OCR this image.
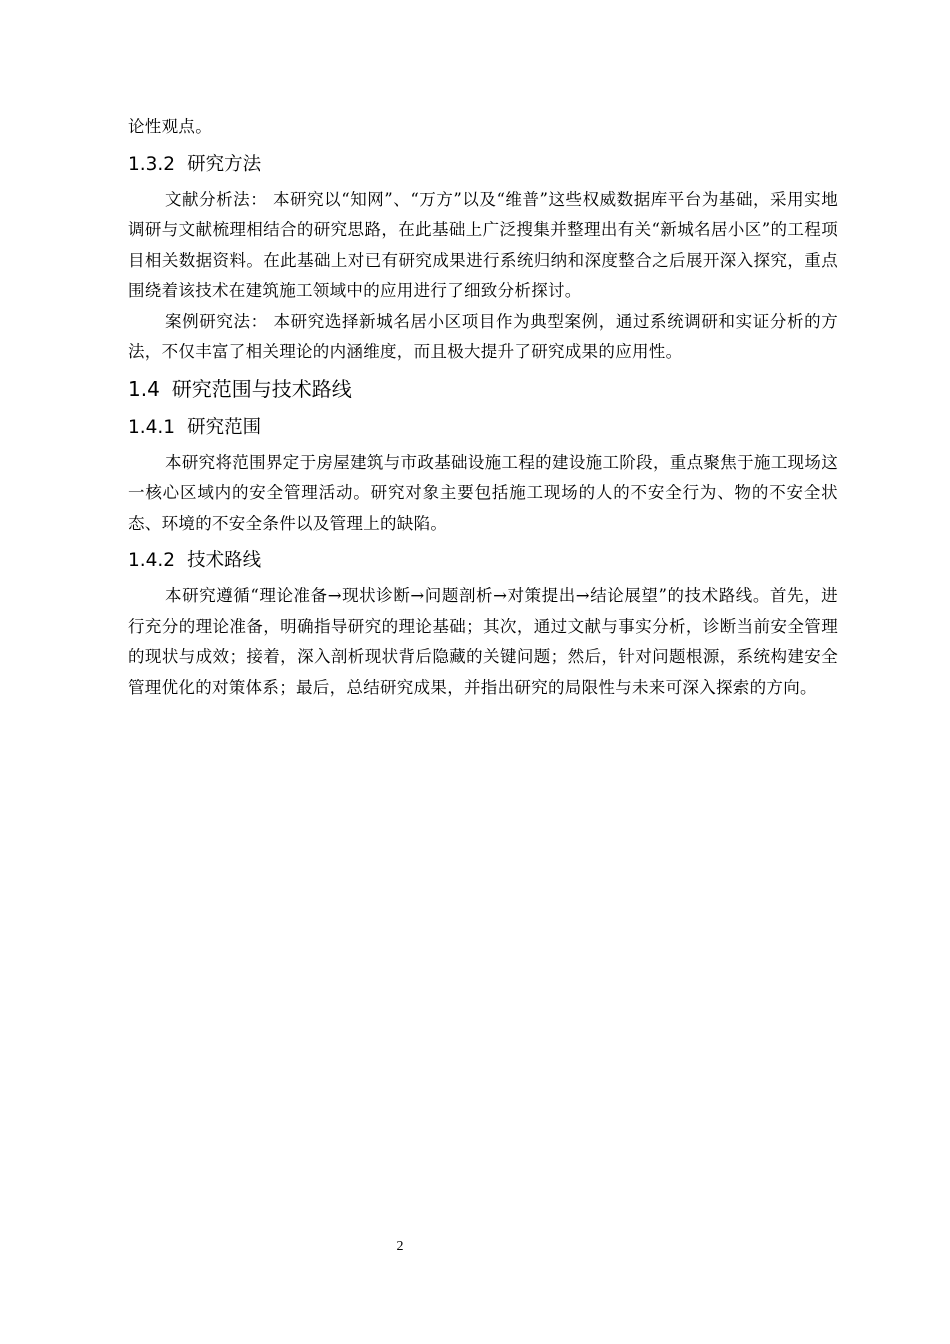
论性观点。

1.3.2 研究方法

文献分析法： 本研究以“知网”、“万方”以及“维普”这些权威数据库平台为基础，采用实地调研与文献梳理相结合的研究思路，在此基础上广泛搜集并整理出有关“新城名居小区”的工程项目相关数据资料。在此基础上对已有研究成果进行系统归纳和深度整合之后展开深入探究，重点围绕着该技术在建筑施工领域中的应用进行了细致分析探讨。

案例研究法： 本研究选择新城名居小区项目作为典型案例，通过系统调研和实证分析的方法，不仅丰富了相关理论的内涵维度，而且极大提升了研究成果的应用性。

1.4 研究范围与技术路线
1.4.1 研究范围

本研究将范围界定于房屋建筑与市政基础设施工程的建设施工阶段，重点聚焦于施工现场这一核心区域内的安全管理活动。研究对象主要包括施工现场的人的不安全行为、物的不安全状态、环境的不安全条件以及管理上的缺陷。

1.4.2 技术路线

本研究遵循“理论准备→现状诊断→问题剖析→对策提出→结论展望”的技术路线。首先，进行充分的理论准备，明确指导研究的理论基础；其次，通过文献与事实分析，诊断当前安全管理的现状与成效；接着，深入剖析现状背后隐藏的关键问题；然后，针对问题根源，系统构建安全管理优化的对策体系；最后，总结研究成果，并指出研究的局限性与未来可深入探索的方向。

2
